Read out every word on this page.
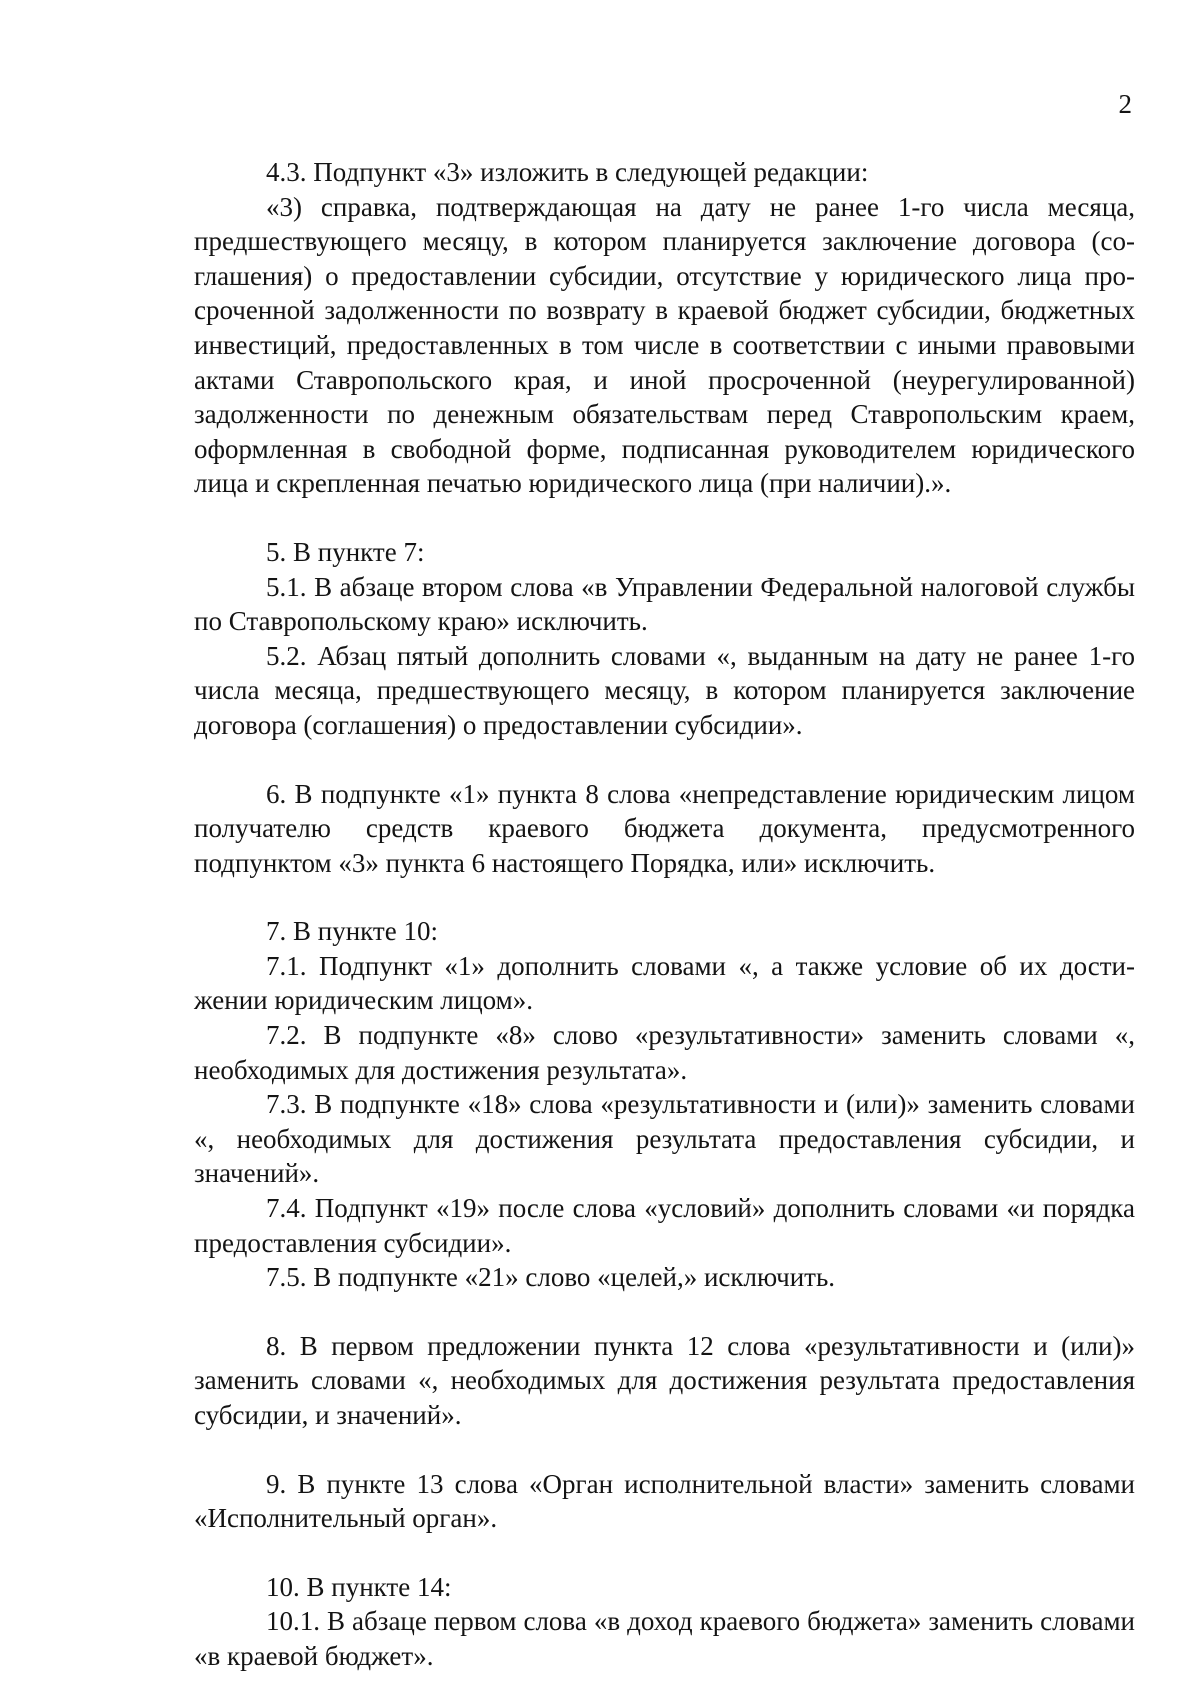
2

4.3. Подпункт «3» изложить в следующей редакции:

«3) справка, подтверждающая на дату не ранее 1-го числа месяца, предшествующего месяцу, в котором планируется заключение договора (соглашения) о предоставлении субсидии, отсутствие у юридического лица просроченной задолженности по возврату в краевой бюджет субсидии, бюджетных инвестиций, предоставленных в том числе в соответствии с иными правовыми актами Ставропольского края, и иной просроченной (неурегулированной) задолженности по денежным обязательствам перед Ставропольским краем, оформленная в свободной форме, подписанная руководителем юридического лица и скрепленная печатью юридического лица (при наличии).».

5. В пункте 7:

5.1. В абзаце втором слова «в Управлении Федеральной налоговой службы по Ставропольскому краю» исключить.

5.2. Абзац пятый дополнить словами «, выданным на дату не ранее 1-го числа месяца, предшествующего месяцу, в котором планируется заключение договора (соглашения) о предоставлении субсидии».

6. В подпункте «1» пункта 8 слова «непредставление юридическим лицом получателю средств краевого бюджета документа, предусмотренного подпунктом «3» пункта 6 настоящего Порядка, или» исключить.

7. В пункте 10:

7.1. Подпункт «1» дополнить словами «, а также условие об их достижении юридическим лицом».

7.2. В подпункте «8» слово «результативности» заменить словами «, необходимых для достижения результата».

7.3. В подпункте «18» слова «результативности и (или)» заменить словами «, необходимых для достижения результата предоставления субсидии, и значений».

7.4. Подпункт «19» после слова «условий» дополнить словами «и порядка предоставления субсидии».

7.5. В подпункте «21» слово «целей,» исключить.

8. В первом предложении пункта 12 слова «результативности и (или)» заменить словами «, необходимых для достижения результата предоставления субсидии, и значений».

9. В пункте 13 слова «Орган исполнительной власти» заменить словами «Исполнительный орган».

10. В пункте 14:

10.1. В абзаце первом слова «в доход краевого бюджета» заменить словами «в краевой бюджет».
